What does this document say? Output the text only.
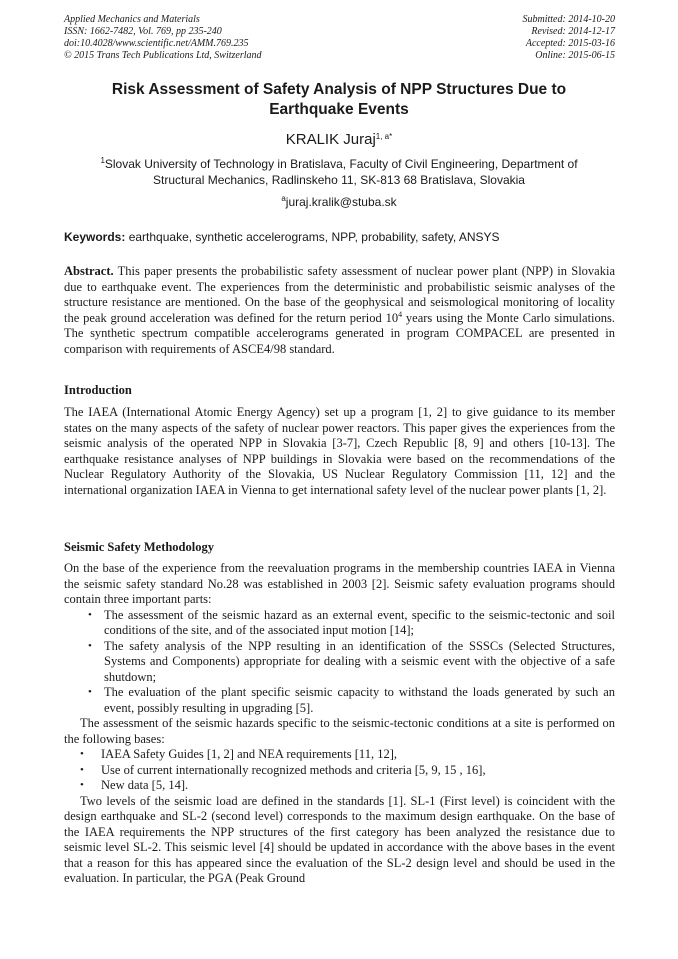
Applied Mechanics and Materials
ISSN: 1662-7482, Vol. 769, pp 235-240
doi:10.4028/www.scientific.net/AMM.769.235
© 2015 Trans Tech Publications Ltd, Switzerland
Submitted: 2014-10-20
Revised: 2014-12-17
Accepted: 2015-03-16
Online: 2015-06-15
Risk Assessment of Safety Analysis of NPP Structures Due to
Earthquake Events
KRALIK Juraj$^{1, a*}$
$^1$Slovak University of Technology in Bratislava, Faculty of Civil Engineering, Department of
Structural Mechanics, Radlinskeho 11, SK-813 68 Bratislava, Slovakia
$^a$juraj.kralik@stuba.sk
Keywords: earthquake, synthetic accelerograms, NPP, probability, safety, ANSYS
Abstract. This paper presents the probabilistic safety assessment of nuclear power plant (NPP) in Slovakia due to earthquake event. The experiences from the deterministic and probabilistic seismic analyses of the structure resistance are mentioned. On the base of the geophysical and seismological monitoring of locality the peak ground acceleration was defined for the return period $10^4$ years using the Monte Carlo simulations. The synthetic spectrum compatible accelerograms generated in program COMPACEL are presented in comparison with requirements of ASCE4/98 standard.
Introduction
The IAEA (International Atomic Energy Agency) set up a program [1, 2] to give guidance to its member states on the many aspects of the safety of nuclear power reactors. This paper gives the experiences from the seismic analysis of the operated NPP in Slovakia [3-7], Czech Republic [8, 9] and others [10-13]. The earthquake resistance analyses of NPP buildings in Slovakia were based on the recommendations of the Nuclear Regulatory Authority of the Slovakia, US Nuclear Regulatory Commission [11, 12] and the international organization IAEA in Vienna to get international safety level of the nuclear power plants [1, 2].
Seismic Safety Methodology

On the base of the experience from the reevaluation programs in the membership countries IAEA in Vienna the seismic safety standard No.28 was established in 2003 [2]. Seismic safety evaluation programs should contain three important parts:

• The assessment of the seismic hazard as an external event, specific to the seismic-tectonic and soil conditions of the site, and of the associated input motion [14];
• The safety analysis of the NPP resulting in an identification of the SSSCs (Selected Structures, Systems and Components) appropriate for dealing with a seismic event with the objective of a safe shutdown;
• The evaluation of the plant specific seismic capacity to withstand the loads generated by such an event, possibly resulting in upgrading [5].

The assessment of the seismic hazards specific to the seismic-tectonic conditions at a site is performed on the following bases:

• IAEA Safety Guides [1, 2] and NEA requirements [11, 12],
• Use of current internationally recognized methods and criteria [5, 9, 15 , 16],
• New data [5, 14].

Two levels of the seismic load are defined in the standards [1]. SL-1 (First level) is coincident with the design earthquake and SL-2 (second level) corresponds to the maximum design earthquake. On the base of the IAEA requirements the NPP structures of the first category has been analyzed the resistance due to seismic level SL-2. This seismic level [4] should be updated in accordance with the above bases in the event that a reason for this has appeared since the evaluation of the SL-2 design level and should be used in the evaluation. In particular, the PGA (Peak Ground
